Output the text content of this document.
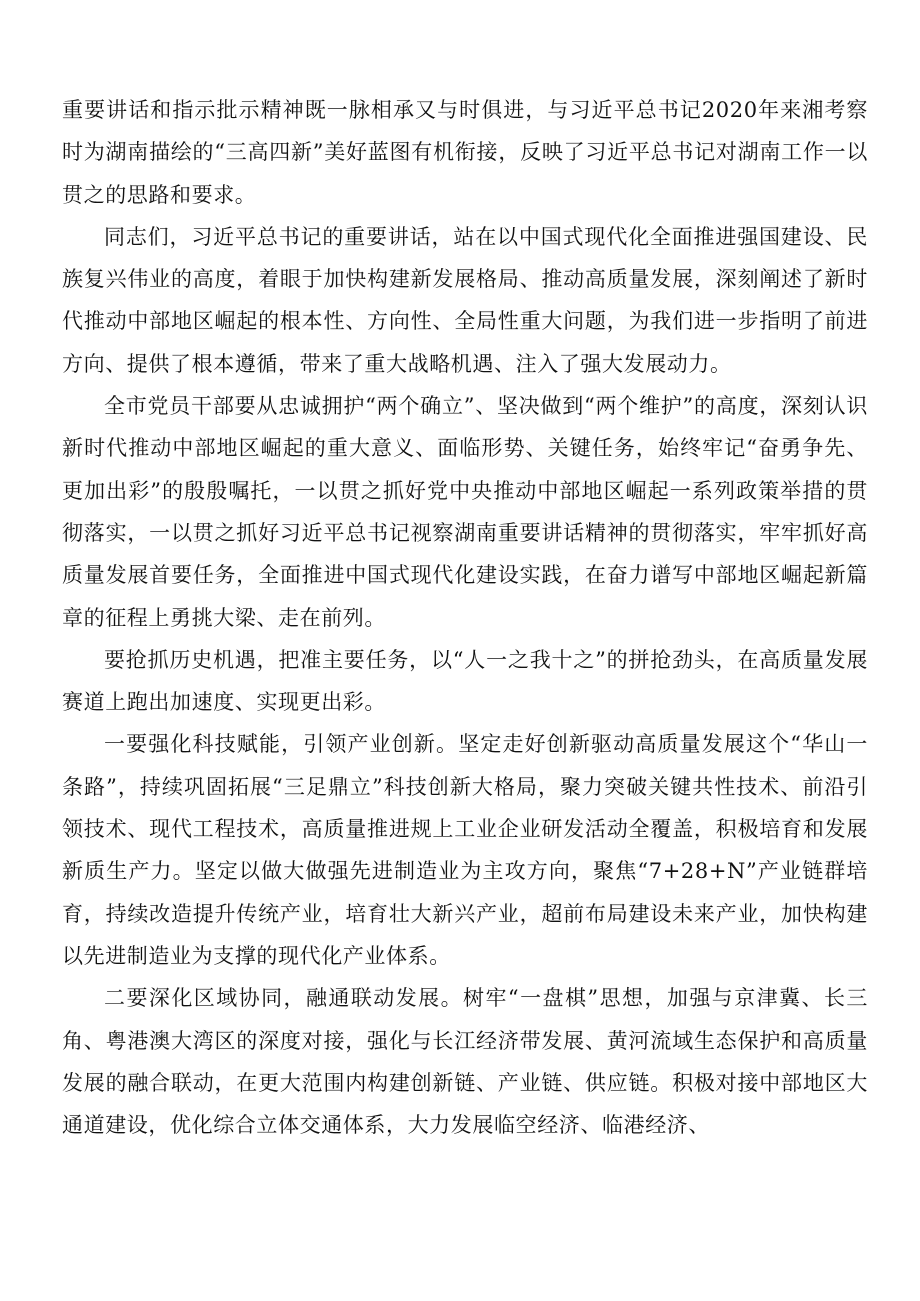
重要讲话和指示批示精神既一脉相承又与时俱进，与习近平总书记2020年来湘考察时为湖南描绘的“三高四新”美好蓝图有机衔接，反映了习近平总书记对湖南工作一以贯之的思路和要求。

同志们，习近平总书记的重要讲话，站在以中国式现代化全面推进强国建设、民族复兴伟业的高度，着眼于加快构建新发展格局、推动高质量发展，深刻阐述了新时代推动中部地区崛起的根本性、方向性、全局性重大问题，为我们进一步指明了前进方向、提供了根本遵循，带来了重大战略机遇、注入了强大发展动力。

全市党员干部要从忠诚拥护“两个确立”、坚决做到“两个维护”的高度，深刻认识新时代推动中部地区崛起的重大意义、面临形势、关键任务，始终牢记“奋勇争先、更加出彩”的殷殷嘱托，一以贯之抓好党中央推动中部地区崛起一系列政策举措的贯彻落实，一以贯之抓好习近平总书记视察湖南重要讲话精神的贯彻落实，牢牢抓好高质量发展首要任务，全面推进中国式现代化建设实践，在奋力谱写中部地区崛起新篇章的征程上勇挑大梁、走在前列。

要抢抓历史机遇，把准主要任务，以“人一之我十之”的拼抢劲头，在高质量发展赛道上跑出加速度、实现更出彩。

一要强化科技赋能，引领产业创新。坚定走好创新驱动高质量发展这个“华山一条路”，持续巩固拓展“三足鼎立”科技创新大格局，聚力突破关键共性技术、前沿引领技术、现代工程技术，高质量推进规上工业企业研发活动全覆盖，积极培育和发展新质生产力。坚定以做大做强先进制造业为主攻方向，聚焦“7+28+N”产业链群培育，持续改造提升传统产业，培育壮大新兴产业，超前布局建设未来产业，加快构建以先进制造业为支撑的现代化产业体系。

二要深化区域协同，融通联动发展。树牢“一盘棋”思想，加强与京津冀、长三角、粤港澳大湾区的深度对接，强化与长江经济带发展、黄河流域生态保护和高质量发展的融合联动，在更大范围内构建创新链、产业链、供应链。积极对接中部地区大通道建设，优化综合立体交通体系，大力发展临空经济、临港经济、
